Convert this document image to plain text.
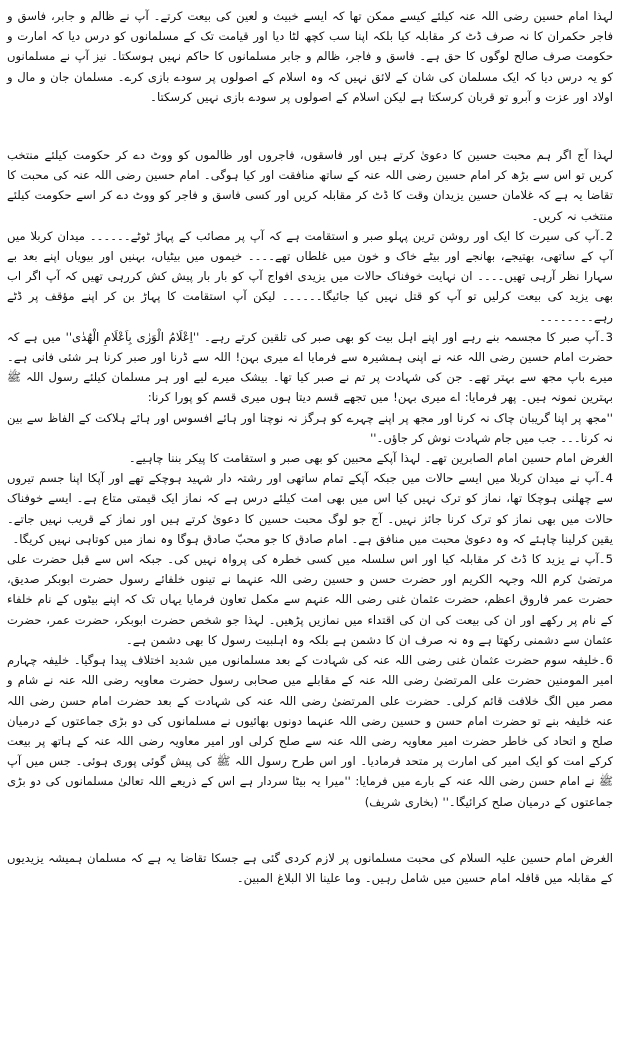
لہذا امام حسین رضی اللہ عنہ کیلئے کیسے ممکن تھا کہ ایسے خبیث و لعین کی بیعت کرتے۔ آپ نے ظالم و جابر، فاسق و فاجر حکمران کا نہ صرف ڈٹ کر مقابلہ کیا بلکہ اپنا سب کچھ لٹا دیا اور قیامت تک کے مسلمانوں کو درس دیا کہ امارت و حکومت صرف صالح لوگوں کا حق ہے۔ فاسق و فاجر، ظالم و جابر مسلمانوں کا حاکم نہیں ہوسکتا۔ نیز آپ نے مسلمانوں کو یہ درس دیا کہ ایک مسلمان کی شان کے لائق نہیں کہ وہ اسلام کے اصولوں پر سودے بازی کرے۔ مسلمان جان و مال و اولاد اور عزت و آبرو تو قربان کرسکتا ہے لیکن اسلام کے اصولوں پر سودے بازی نہیں کرسکتا۔

لہذا آج اگر ہم محبت حسین کا دعویٰ کرتے ہیں اور فاسقوں، فاجروں اور ظالموں کو ووٹ دے کر حکومت کیلئے منتخب کریں تو اس سے بڑھ کر امام حسین رضی اللہ عنہ کے ساتھ منافقت اور کیا ہوگی۔ امام حسین رضی اللہ عنہ کی محبت کا تقاضا یہ ہے کہ غلامان حسین یزیدان وقت کا ڈٹ کر مقابلہ کریں اور کسی فاسق و فاجر کو ووٹ دے کر اسے حکومت کیلئے منتخب نہ کریں۔

2۔آپ کی سیرت کا ایک اور روشن ترین پہلو صبر و استقامت ہے کہ آپ پر مصائب کے پہاڑ ٹوٹے۔۔۔۔۔۔ میدان کربلا میں آپ کے ساتھی، بھتیجے، بھانجے اور بیٹے خاک و خون میں غلطاں تھے۔۔۔۔ خیموں میں بیٹیاں، بہنیں اور بیویاں اپنے بعد بے سہارا نظر آرہی تھیں۔۔۔۔ ان نہایت خوفناک حالات میں یزیدی افواج آپ کو بار بار پیش کش کررہی تھیں کہ آپ اگر اب بھی یزید کی بیعت کرلیں تو آپ کو قتل نہیں کیا جائیگا۔۔۔۔۔۔ لیکن آپ استقامت کا پہاڑ بن کر اپنے مؤقف پر ڈٹے رہے۔۔۔۔۔۔۔۔

3۔آپ صبر کا مجسمہ بنے رہے اور اپنے اہل بیت کو بھی صبر کی تلقین کرتے رہے۔ ''اِعْلَامُ الْوَرٰی بِاَعْلَامِ الْھُدٰی'' میں ہے کہ حضرت امام حسین رضی اللہ عنہ نے اپنی ہمشیرہ سے فرمایا اے میری بہن! اللہ سے ڈرنا اور صبر کرنا ہر شئی فانی ہے۔ میرے باپ مجھ سے بہتر تھے۔ جن کی شہادت پر تم نے صبر کیا تھا۔ بیشک میرے لیے اور ہر مسلمان کیلئے رسول اللہ ﷺ بہترین نمونہ ہیں۔ پھر فرمایا: اے میری بہن! میں تجھے قسم دیتا ہوں میری قسم کو پورا کرنا:

''مجھ پر اپنا گریبان چاک نہ کرنا اور مجھ پر اپنے چہرے کو ہرگز نہ نوچنا اور ہائے افسوس اور ہائے ہلاکت کے الفاظ سے بین نہ کرنا۔۔۔ جب میں جام شہادت نوش کر جاؤں۔''

الغرض امام حسین امام الصابرین تھے۔ لہذا آپکے محبین کو بھی صبر و استقامت کا پیکر بننا چاہیے۔

4۔آپ نے میدان کربلا میں ایسے حالات میں جبکہ آپکے تمام ساتھی اور رشتہ دار شہید ہوچکے تھے اور آپکا اپنا جسم تیروں سے چھلنی ہوچکا تھا، نماز کو ترک نہیں کیا اس میں بھی امت کیلئے درس ہے کہ نماز ایک قیمتی متاع ہے۔ ایسے خوفناک حالات میں بھی نماز کو ترک کرنا جائز نہیں۔ آج جو لوگ محبت حسین کا دعویٰ کرتے ہیں اور نماز کے قریب نہیں جاتے۔ یقین کرلینا چاہئے کہ وہ دعویٰ محبت میں منافق ہے۔ امام صادق کا جو محبّ صادق ہوگا وہ نماز میں کوتاہی نہیں کریگا۔

5۔آپ نے یزید کا ڈٹ کر مقابلہ کیا اور اس سلسلہ میں کسی خطرہ کی پرواہ نہیں کی۔ جبکہ اس سے قبل حضرت علی مرتضیٰ کرم اللہ وجہہ الکریم اور حضرت حسن و حسین رضی اللہ عنہما نے تینوں خلفائے رسول حضرت ابوبکر صدیق، حضرت عمر فاروق اعظم، حضرت عثمان غنی رضی اللہ عنہم سے مکمل تعاون فرمایا یہاں تک کہ اپنے بیٹوں کے نام خلفاء کے نام پر رکھے اور ان کی بیعت کی ان کی اقتداء میں نمازیں پڑھیں۔ لہذا جو شخص حضرت ابوبکر، حضرت عمر، حضرت عثمان سے دشمنی رکھتا ہے وہ نہ صرف ان کا دشمن ہے بلکہ وہ اہلبیت رسول کا بھی دشمن ہے۔

6۔خلیفہ سوم حضرت عثمان غنی رضی اللہ عنہ کی شہادت کے بعد مسلمانوں میں شدید اختلاف پیدا ہوگیا۔ خلیفہ چہارم امیر المومنین حضرت علی المرتضیٰ رضی اللہ عنہ کے مقابلے میں صحابی رسول حضرت معاویہ رضی اللہ عنہ نے شام و مصر میں الگ خلافت قائم کرلی۔ حضرت علی المرتضیٰ رضی اللہ عنہ کی شہادت کے بعد حضرت امام حسن رضی اللہ عنہ خلیفہ بنے تو حضرت امام حسن و حسین رضی اللہ عنہما دونوں بھائیوں نے مسلمانوں کی دو بڑی جماعتوں کے درمیان صلح و اتحاد کی خاطر حضرت امیر معاویہ رضی اللہ عنہ سے صلح کرلی اور امیر معاویہ رضی اللہ عنہ کے ہاتھ پر بیعت کرکے امت کو ایک امیر کی امارت پر متحد فرمادیا۔ اور اس طرح رسول اللہ ﷺ کی پیش گوئی پوری ہوئی۔ جس میں آپ ﷺ نے امام حسن رضی اللہ عنہ کے بارے میں فرمایا: ''میرا یہ بیٹا سردار ہے اس کے ذریعے اللہ تعالیٰ مسلمانوں کی دو بڑی جماعتوں کے درمیان صلح کرائیگا۔'' (بخاری شریف)

الغرض امام حسین علیہ السلام کی محبت مسلمانوں پر لازم کردی گئی ہے جسکا تقاضا یہ ہے کہ مسلمان ہمیشہ یزیدیوں کے مقابلہ میں قافلہ امام حسین میں شامل رہیں۔ وما علینا الا البلاغ المبین۔
